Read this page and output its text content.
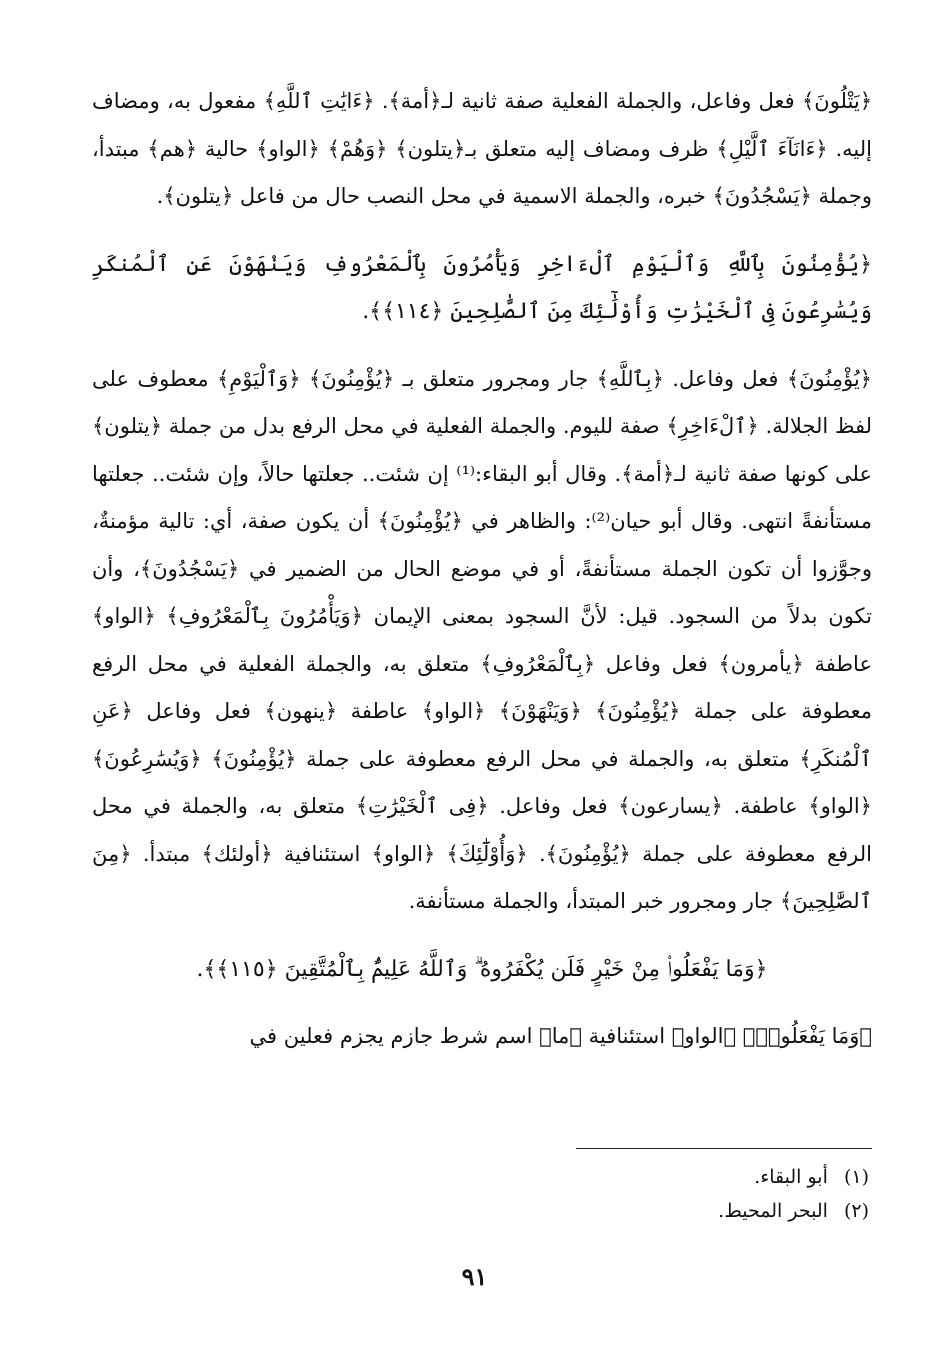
﴿يَتْلُونَ﴾ فعل وفاعل، والجملة الفعلية صفة ثانية لـ﴿أمة﴾. ﴿ءَايَٰتِ ٱللَّهِ﴾ مفعول به، ومضاف إليه. ﴿ءَانَآءَ ٱلَّيْلِ﴾ ظرف ومضاف إليه متعلق بـ﴿يتلون﴾ ﴿وَهُمْ﴾ ﴿الواو﴾ حالية ﴿هم﴾ مبتدأ، وجملة ﴿يَسْجُدُونَ﴾ خبره، والجملة الاسمية في محل النصب حال من فاعل ﴿يتلون﴾.

﴿يُؤْمِنُونَ بِٱللَّهِ وَٱلْيَوْمِ ٱلْءَاخِرِ وَيَأْمُرُونَ بِٱلْمَعْرُوفِ وَيَنْهَوْنَ عَنِ ٱلْمُنكَرِ وَيُسَٰرِعُونَ فِى ٱلْخَيْرَٰتِ وَأُوْلَٰٓئِكَ مِنَ ٱلصَّٰلِحِينَ ﴿١١٤﴾﴾.

﴿يُؤْمِنُونَ﴾ فعل وفاعل. ﴿بِٱللَّهِ﴾ جار ومجرور متعلق بـ ﴿يُؤْمِنُونَ﴾ ﴿وَٱلْيَوْمِ﴾ معطوف على لفظ الجلالة. ﴿ٱلْءَاخِرِ﴾ صفة لليوم. والجملة الفعلية في محل الرفع بدل من جملة ﴿يتلون﴾ على كونها صفة ثانية لـ﴿أمة﴾. وقال أبو البقاء:⁽¹⁾ إن شئت.. جعلتها حالاً، وإن شئت.. جعلتها مستأنفةً انتهى. وقال أبو حيان⁽²⁾: والظاهر في ﴿يُؤْمِنُونَ﴾ أن يكون صفة، أي: تالية مؤمنةٌ، وجوَّزوا أن تكون الجملة مستأنفةً، أو في موضع الحال من الضمير في ﴿يَسْجُدُونَ﴾، وأن تكون بدلاً من السجود. قيل: لأنَّ السجود بمعنى الإيمان ﴿وَيَأْمُرُونَ بِٱلْمَعْرُوفِ﴾ ﴿الواو﴾ عاطفة ﴿يأمرون﴾ فعل وفاعل ﴿بِٱلْمَعْرُوفِ﴾ متعلق به، والجملة الفعلية في محل الرفع معطوفة على جملة ﴿يُؤْمِنُونَ﴾ ﴿وَيَنْهَوْنَ﴾ ﴿الواو﴾ عاطفة ﴿ينهون﴾ فعل وفاعل ﴿عَنِ ٱلْمُنكَرِ﴾ متعلق به، والجملة في محل الرفع معطوفة على جملة ﴿يُؤْمِنُونَ﴾ ﴿وَيُسَٰرِعُونَ﴾ ﴿الواو﴾ عاطفة. ﴿يسارعون﴾ فعل وفاعل. ﴿فِى ٱلْخَيْرَٰتِ﴾ متعلق به، والجملة في محل الرفع معطوفة على جملة ﴿يُؤْمِنُونَ﴾. ﴿وَأُوْلَٰٓئِكَ﴾ ﴿الواو﴾ استئنافية ﴿أولئك﴾ مبتدأ. ﴿مِنَ ٱلصَّٰلِحِينَ﴾ جار ومجرور خبر المبتدأ، والجملة مستأنفة.

﴿وَمَا يَفْعَلُوا۟ مِنْ خَيْرٍ فَلَن يُكْفَرُوهُ ۗ وَٱللَّهُ عَلِيمٌۢ بِٱلْمُتَّقِينَ ﴿١١٥﴾﴾.

﴿وَمَا يَفْعَلُوا۟﴾ ﴿الواو﴾ استئنافية ﴿ما﴾ اسم شرط جازم يجزم فعلين في

(١) أبو البقاء.
(٢) البحر المحيط.
٩١
